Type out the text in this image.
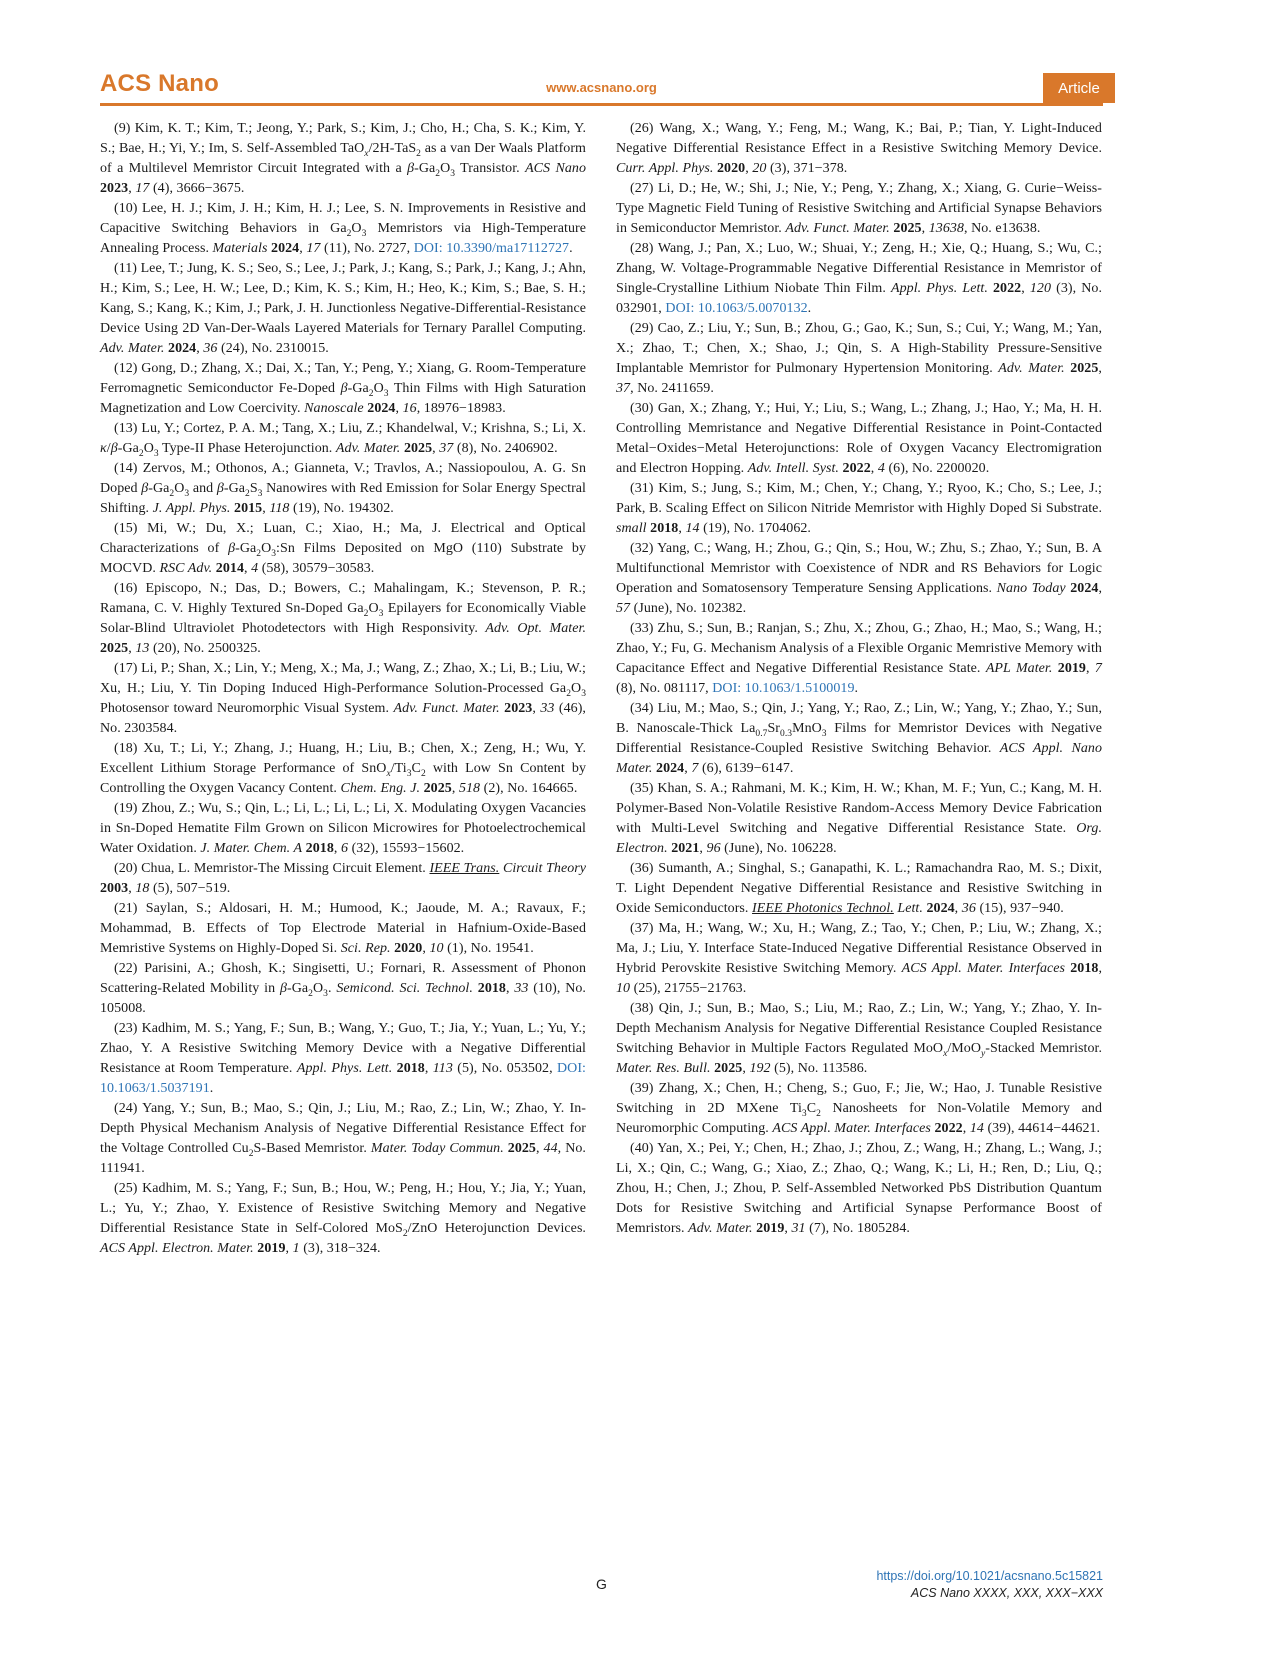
ACS Nano	www.acsnano.org	Article

(9) Kim, K. T.; Kim, T.; Jeong, Y.; Park, S.; Kim, J.; Cho, H.; Cha, S. K.; Kim, Y. S.; Bae, H.; Yi, Y.; Im, S. Self-Assembled TaO$_x$/2H-TaS$_2$ as a van Der Waals Platform of a Multilevel Memristor Circuit Integrated with a $\beta-Ga_2O_3$ Transistor. ACS Nano 2023, 17 (4), 3666−3675.

(10) Lee, H. J.; Kim, J. H.; Kim, H. J.; Lee, S. N. Improvements in Resistive and Capacitive Switching Behaviors in $Ga_2O_3$ Memristors via High-Temperature Annealing Process. Materials 2024, 17 (11), No. 2727, DOI: 10.3390/ma17112727.

(11) Lee, T.; Jung, K. S.; Seo, S.; Lee, J.; Park, J.; Kang, S.; Park, J.; Kang, J.; Ahn, H.; Kim, S.; Lee, H. W.; Lee, D.; Kim, K. S.; Kim, H.; Heo, K.; Kim, S.; Bae, S. H.; Kang, S.; Kang, K.; Kim, J.; Park, J. H. Junctionless Negative-Differential-Resistance Device Using 2D Van-Der-Waals Layered Materials for Ternary Parallel Computing. Adv. Mater. 2024, 36 (24), No. 2310015.

(12) Gong, D.; Zhang, X.; Dai, X.; Tan, Y.; Peng, Y.; Xiang, G. Room-Temperature Ferromagnetic Semiconductor Fe-Doped $\beta-Ga_2O_3$ Thin Films with High Saturation Magnetization and Low Coercivity. Nanoscale 2024, 16, 18976−18983.

(13) Lu, Y.; Cortez, P. A. M.; Tang, X.; Liu, Z.; Khandelwal, V.; Krishna, S.; Li, X. $\kappa/\beta-Ga_2O_3$ Type-II Phase Heterojunction. Adv. Mater. 2025, 37 (8), No. 2406902.

(14) Zervos, M.; Othonos, A.; Gianneta, V.; Travlos, A.; Nassiopoulou, A. G. Sn Doped $\beta-Ga_2O_3$ and $\beta-Ga_2S_3$ Nanowires with Red Emission for Solar Energy Spectral Shifting. J. Appl. Phys. 2015, 118 (19), No. 194302.

(15) Mi, W.; Du, X.; Luan, C.; Xiao, H.; Ma, J. Electrical and Optical Characterizations of $\beta-Ga_2O_3:Sn$ Films Deposited on MgO (110) Substrate by MOCVD. RSC Adv. 2014, 4 (58), 30579−30583.

(16) Episcopo, N.; Das, D.; Bowers, C.; Mahalingam, K.; Stevenson, P. R.; Ramana, C. V. Highly Textured Sn-Doped $Ga_2O_3$ Epilayers for Economically Viable Solar-Blind Ultraviolet Photodetectors with High Responsivity. Adv. Opt. Mater. 2025, 13 (20), No. 2500325.

(17) Li, P.; Shan, X.; Lin, Y.; Meng, X.; Ma, J.; Wang, Z.; Zhao, X.; Li, B.; Liu, W.; Xu, H.; Liu, Y. Tin Doping Induced High-Performance Solution-Processed $Ga_2O_3$ Photosensor toward Neuromorphic Visual System. Adv. Funct. Mater. 2023, 33 (46), No. 2303584.

(18) Xu, T.; Li, Y.; Zhang, J.; Huang, H.; Liu, B.; Chen, X.; Zeng, H.; Wu, Y. Excellent Lithium Storage Performance of $SnO_x/Ti_3C_2$ with Low Sn Content by Controlling the Oxygen Vacancy Content. Chem. Eng. J. 2025, 518 (2), No. 164665.

(19) Zhou, Z.; Wu, S.; Qin, L.; Li, L.; Li, L.; Li, X. Modulating Oxygen Vacancies in Sn-Doped Hematite Film Grown on Silicon Microwires for Photoelectrochemical Water Oxidation. J. Mater. Chem. A 2018, 6 (32), 15593−15602.

(20) Chua, L. Memristor-The Missing Circuit Element. IEEE Trans. Circuit Theory 2003, 18 (5), 507−519.

(21) Saylan, S.; Aldosari, H. M.; Humood, K.; Jaoude, M. A.; Ravaux, F.; Mohammad, B. Effects of Top Electrode Material in Hafnium-Oxide-Based Memristive Systems on Highly-Doped Si. Sci. Rep. 2020, 10 (1), No. 19541.

(22) Parisini, A.; Ghosh, K.; Singisetti, U.; Fornari, R. Assessment of Phonon Scattering-Related Mobility in $\beta-Ga_2O_3$. Semicond. Sci. Technol. 2018, 33 (10), No. 105008.

(23) Kadhim, M. S.; Yang, F.; Sun, B.; Wang, Y.; Guo, T.; Jia, Y.; Yuan, L.; Yu, Y.; Zhao, Y. A Resistive Switching Memory Device with a Negative Differential Resistance at Room Temperature. Appl. Phys. Lett. 2018, 113 (5), No. 053502, DOI: 10.1063/1.5037191.

(24) Yang, Y.; Sun, B.; Mao, S.; Qin, J.; Liu, M.; Rao, Z.; Lin, W.; Zhao, Y. In-Depth Physical Mechanism Analysis of Negative Differential Resistance Effect for the Voltage Controlled $Cu_2S$-Based Memristor. Mater. Today Commun. 2025, 44, No. 111941.

(25) Kadhim, M. S.; Yang, F.; Sun, B.; Hou, W.; Peng, H.; Hou, Y.; Jia, Y.; Yuan, L.; Yu, Y.; Zhao, Y. Existence of Resistive Switching Memory and Negative Differential Resistance State in Self-Colored MoS$_2$/ZnO Heterojunction Devices. ACS Appl. Electron. Mater. 2019, 1 (3), 318−324.

(26) Wang, X.; Wang, Y.; Feng, M.; Wang, K.; Bai, P.; Tian, Y. Light-Induced Negative Differential Resistance Effect in a Resistive Switching Memory Device. Curr. Appl. Phys. 2020, 20 (3), 371−378.

(27) Li, D.; He, W.; Shi, J.; Nie, Y.; Peng, Y.; Zhang, X.; Xiang, G. Curie−Weiss-Type Magnetic Field Tuning of Resistive Switching and Artificial Synapse Behaviors in Semiconductor Memristor. Adv. Funct. Mater. 2025, 13638, No. e13638.

(28) Wang, J.; Pan, X.; Luo, W.; Shuai, Y.; Zeng, H.; Xie, Q.; Huang, S.; Wu, C.; Zhang, W. Voltage-Programmable Negative Differential Resistance in Memristor of Single-Crystalline Lithium Niobate Thin Film. Appl. Phys. Lett. 2022, 120 (3), No. 032901, DOI: 10.1063/5.0070132.

(29) Cao, Z.; Liu, Y.; Sun, B.; Zhou, G.; Gao, K.; Sun, S.; Cui, Y.; Wang, M.; Yan, X.; Zhao, T.; Chen, X.; Shao, J.; Qin, S. A High-Stability Pressure-Sensitive Implantable Memristor for Pulmonary Hypertension Monitoring. Adv. Mater. 2025, 37, No. 2411659.

(30) Gan, X.; Zhang, Y.; Hui, Y.; Liu, S.; Wang, L.; Zhang, J.; Hao, Y.; Ma, H. H. Controlling Memristance and Negative Differential Resistance in Point-Contacted Metal−Oxides−Metal Heterojunctions: Role of Oxygen Vacancy Electromigration and Electron Hopping. Adv. Intell. Syst. 2022, 4 (6), No. 2200020.

(31) Kim, S.; Jung, S.; Kim, M.; Chen, Y.; Chang, Y.; Ryoo, K.; Cho, S.; Lee, J.; Park, B. Scaling Effect on Silicon Nitride Memristor with Highly Doped Si Substrate. small 2018, 14 (19), No. 1704062.

(32) Yang, C.; Wang, H.; Zhou, G.; Qin, S.; Hou, W.; Zhu, S.; Zhao, Y.; Sun, B. A Multifunctional Memristor with Coexistence of NDR and RS Behaviors for Logic Operation and Somatosensory Temperature Sensing Applications. Nano Today 2024, 57 (June), No. 102382.

(33) Zhu, S.; Sun, B.; Ranjan, S.; Zhu, X.; Zhou, G.; Zhao, H.; Mao, S.; Wang, H.; Zhao, Y.; Fu, G. Mechanism Analysis of a Flexible Organic Memristive Memory with Capacitance Effect and Negative Differential Resistance State. APL Mater. 2019, 7 (8), No. 081117, DOI: 10.1063/1.5100019.

(34) Liu, M.; Mao, S.; Qin, J.; Yang, Y.; Rao, Z.; Lin, W.; Yang, Y.; Zhao, Y.; Sun, B. Nanoscale-Thick $La_{0.7}Sr_{0.3}MnO_3$ Films for Memristor Devices with Negative Differential Resistance-Coupled Resistive Switching Behavior. ACS Appl. Nano Mater. 2024, 7 (6), 6139−6147.

(35) Khan, S. A.; Rahmani, M. K.; Kim, H. W.; Khan, M. F.; Yun, C.; Kang, M. H. Polymer-Based Non-Volatile Resistive Random-Access Memory Device Fabrication with Multi-Level Switching and Negative Differential Resistance State. Org. Electron. 2021, 96 (June), No. 106228.

(36) Sumanth, A.; Singhal, S.; Ganapathi, K. L.; Ramachandra Rao, M. S.; Dixit, T. Light Dependent Negative Differential Resistance and Resistive Switching in Oxide Semiconductors. IEEE Photonics Technol. Lett. 2024, 36 (15), 937−940.

(37) Ma, H.; Wang, W.; Xu, H.; Wang, Z.; Tao, Y.; Chen, P.; Liu, W.; Zhang, X.; Ma, J.; Liu, Y. Interface State-Induced Negative Differential Resistance Observed in Hybrid Perovskite Resistive Switching Memory. ACS Appl. Mater. Interfaces 2018, 10 (25), 21755−21763.

(38) Qin, J.; Sun, B.; Mao, S.; Liu, M.; Rao, Z.; Lin, W.; Yang, Y.; Zhao, Y. In-Depth Mechanism Analysis for Negative Differential Resistance Coupled Resistance Switching Behavior in Multiple Factors Regulated MoO$_x$/MoO$_y$-Stacked Memristor. Mater. Res. Bull. 2025, 192 (5), No. 113586.

(39) Zhang, X.; Chen, H.; Cheng, S.; Guo, F.; Jie, W.; Hao, J. Tunable Resistive Switching in 2D MXene $Ti_3C_2$ Nanosheets for Non-Volatile Memory and Neuromorphic Computing. ACS Appl. Mater. Interfaces 2022, 14 (39), 44614−44621.

(40) Yan, X.; Pei, Y.; Chen, H.; Zhao, J.; Zhou, Z.; Wang, H.; Zhang, L.; Wang, J.; Li, X.; Qin, C.; Wang, G.; Xiao, Z.; Zhao, Q.; Wang, K.; Li, H.; Ren, D.; Liu, Q.; Zhou, H.; Chen, J.; Zhou, P. Self-Assembled Networked PbS Distribution Quantum Dots for Resistive Switching and Artificial Synapse Performance Boost of Memristors. Adv. Mater. 2019, 31 (7), No. 1805284.

G	https://doi.org/10.1021/acsnano.5c15821
ACS Nano XXXX, XXX, XXX−XXX
